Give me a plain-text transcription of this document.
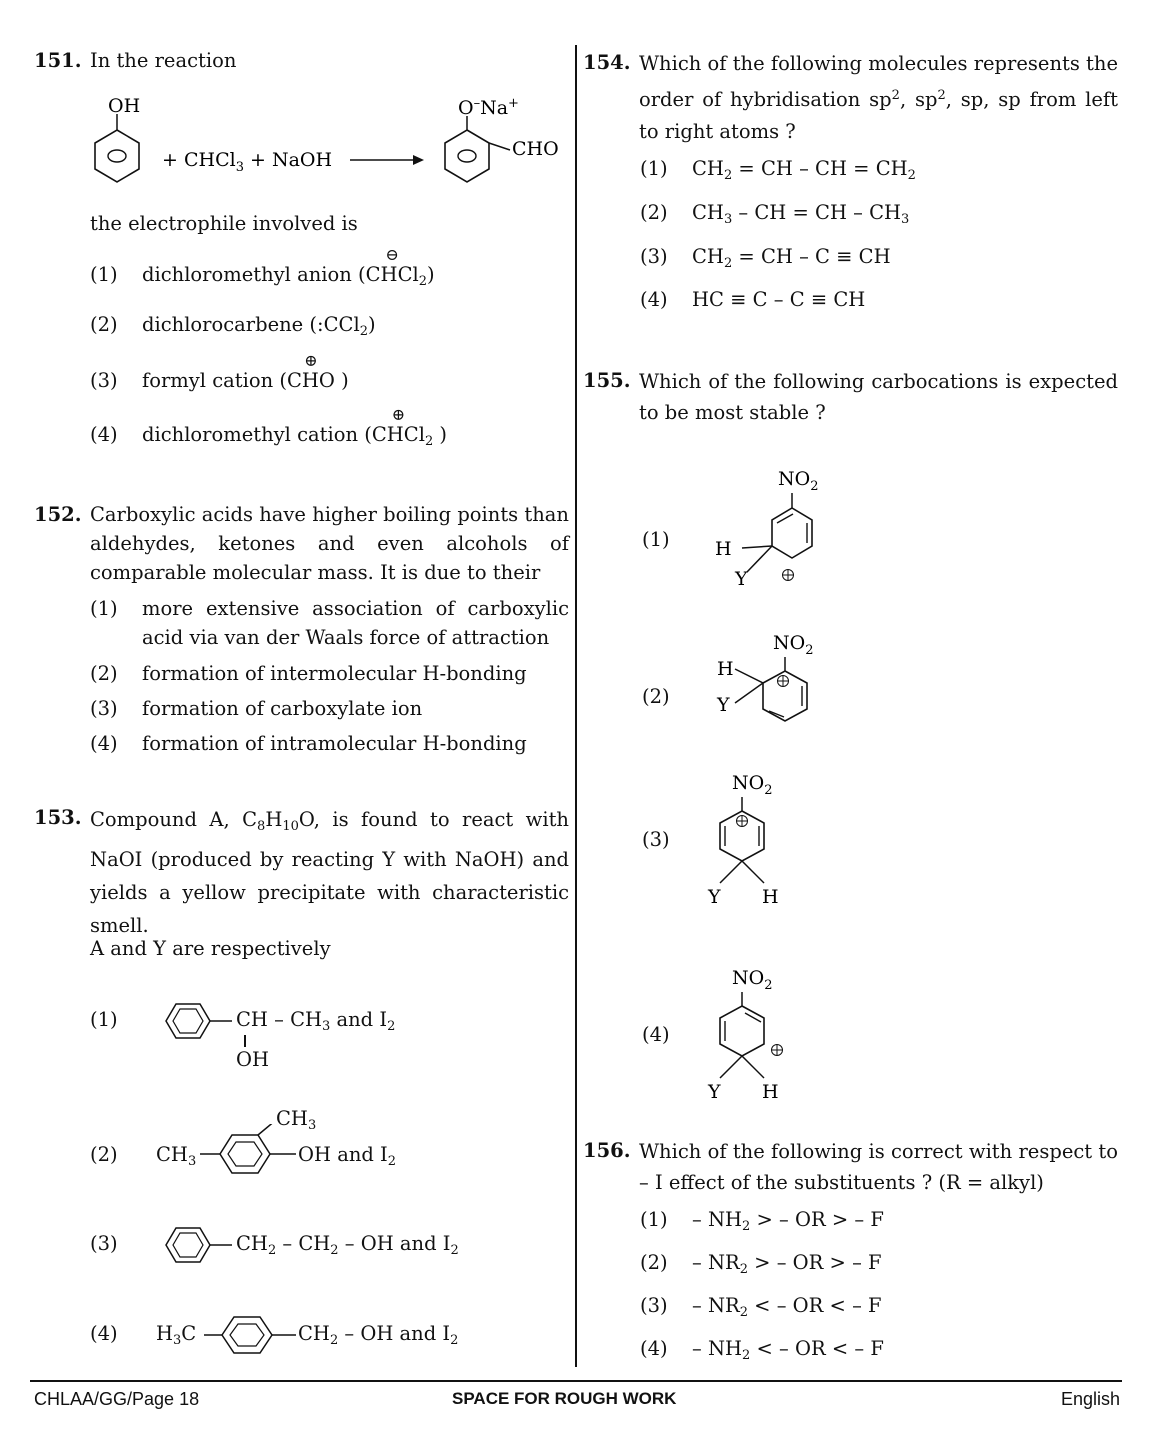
151. In the reaction
OH
+ CHCl$_3$ + NaOH
O–Na+
CHO
the electrophile involved is
(1) dichloromethyl anion (
⊖
CHCl$_2$)
(2) dichlorocarbene (:CCl$_2$)
(3) formyl cation (
⊕
CHO )
(4) dichloromethyl cation (
⊕
CHCl$_2$ )
152. Carboxylic acids have higher boiling points than aldehydes, ketones and even alcohols of comparable molecular mass. It is due to their
(1) more extensive association of carboxylic
acid via van der Waals force of attraction
(2) formation of intermolecular H-bonding
(3) formation of carboxylate ion
(4) formation of intramolecular H-bonding
153. Compound A, $C_8H_{10}O$, is found to react with NaOI (produced by reacting Y with NaOH) and yields a yellow precipitate with characteristic smell.
A and Y are respectively
(1)	CH – $CH_3$ and $I_2$
OH
(2) $CH_3$
$CH_3$
OH and $I_2$
(3)	$CH_2 - CH_2$ – OH and $I_2$
(4) $H_3C$	$CH_2$ – OH and $I_2$
154. Which of the following molecules represents the order of hybridisation $sp^2$, $sp^2$, sp, sp from left to right atoms ?
(1) $CH_2$ = CH – CH = $CH_2$
(2) $CH_3$ – CH = CH – $CH_3$
(3) $CH_2$ = CH – C ≡ CH
(4) HC ≡ C – C ≡ CH
155. Which of the following carbocations is expected to be most stable ?
(1)
$NO_2$
H
Y
(2)
$NO_2$
H
Y
(3)
$NO_2$
Y H
(4)
$NO_2$
Y H
156. Which of the following is correct with respect to – I effect of the substituents ? (R = alkyl)
$(1) - NH_2$ > – OR > – F
$(2) - NR_2$ > – OR > – F
$(3) - NR_2$ < – OR < – F
$(4) - NH_2$ < – OR < – F
CHLAA/GG/Page 18	SPACE FOR ROUGH WORK	English
